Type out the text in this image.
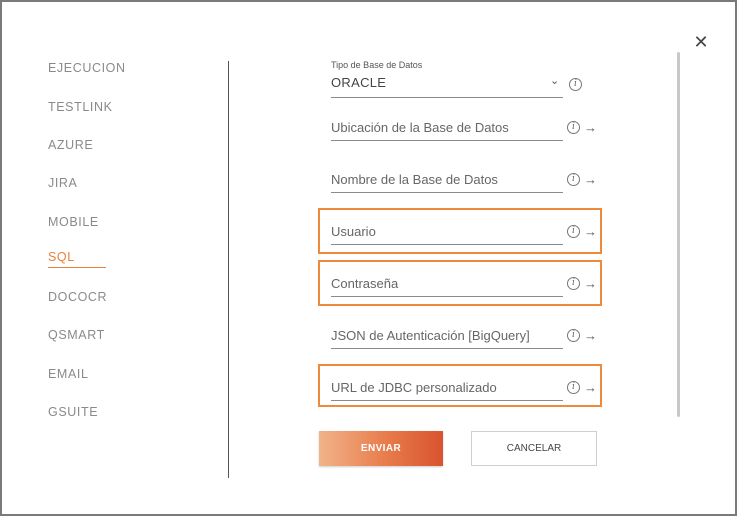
✕
EJECUCION
TESTLINK
AZURE
JIRA
MOBILE
SQL
DOCOCR
QSMART
EMAIL
GSUITE
Tipo de Base de Datos
ORACLE	⌄	i
Ubicación de la Base de Datos	i →
Nombre de la Base de Datos	i →
Usuario	i →
Contraseña	i →
JSON de Autenticación [BigQuery]	i →
URL de JDBC personalizado	i →
ENVIAR	CANCELAR
